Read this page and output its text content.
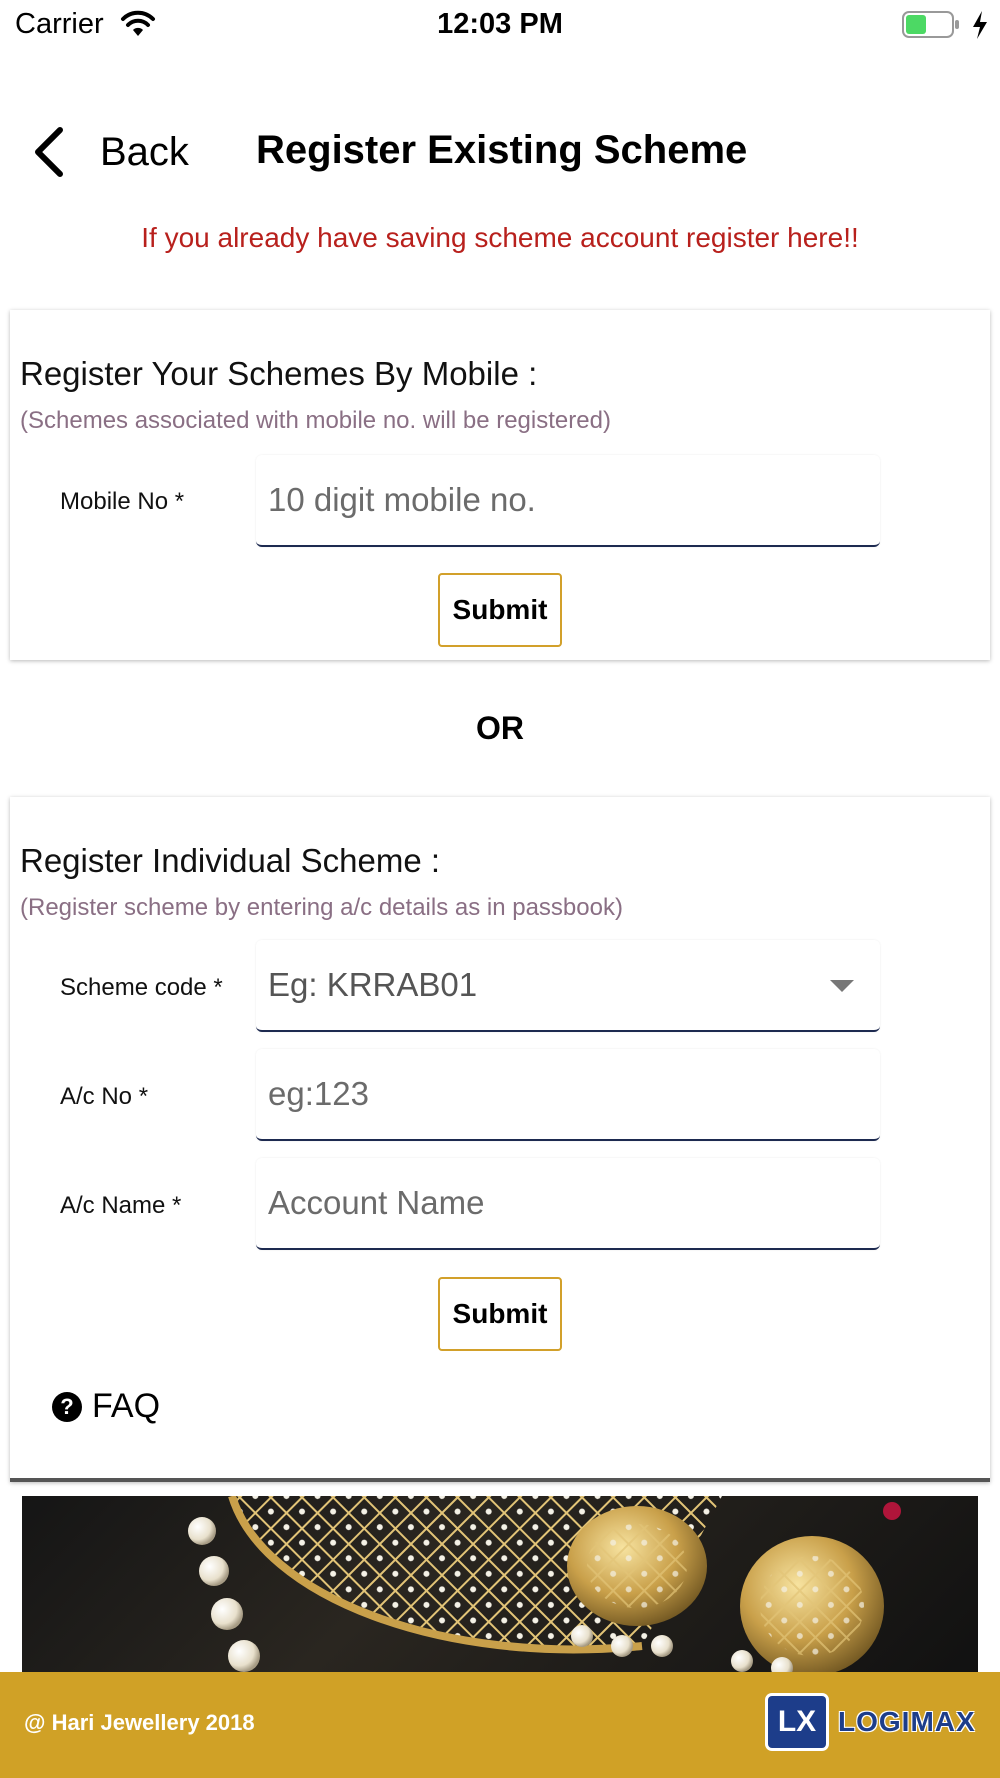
Carrier	12:03 PM
Back Register Existing Scheme
If you already have saving scheme account register here!!
Register Your Schemes By Mobile :
(Schemes associated with mobile no. will be registered)
Mobile No *
10 digit mobile no.
Submit
OR
Register Individual Scheme :
(Register scheme by entering a/c details as in passbook)
Scheme code * Eg: KRRAB01
A/c No *
eg:123
A/c Name *
Account Name
Submit
? FAQ
@ Hari Jewellery 2018	LX LOGIMAX
